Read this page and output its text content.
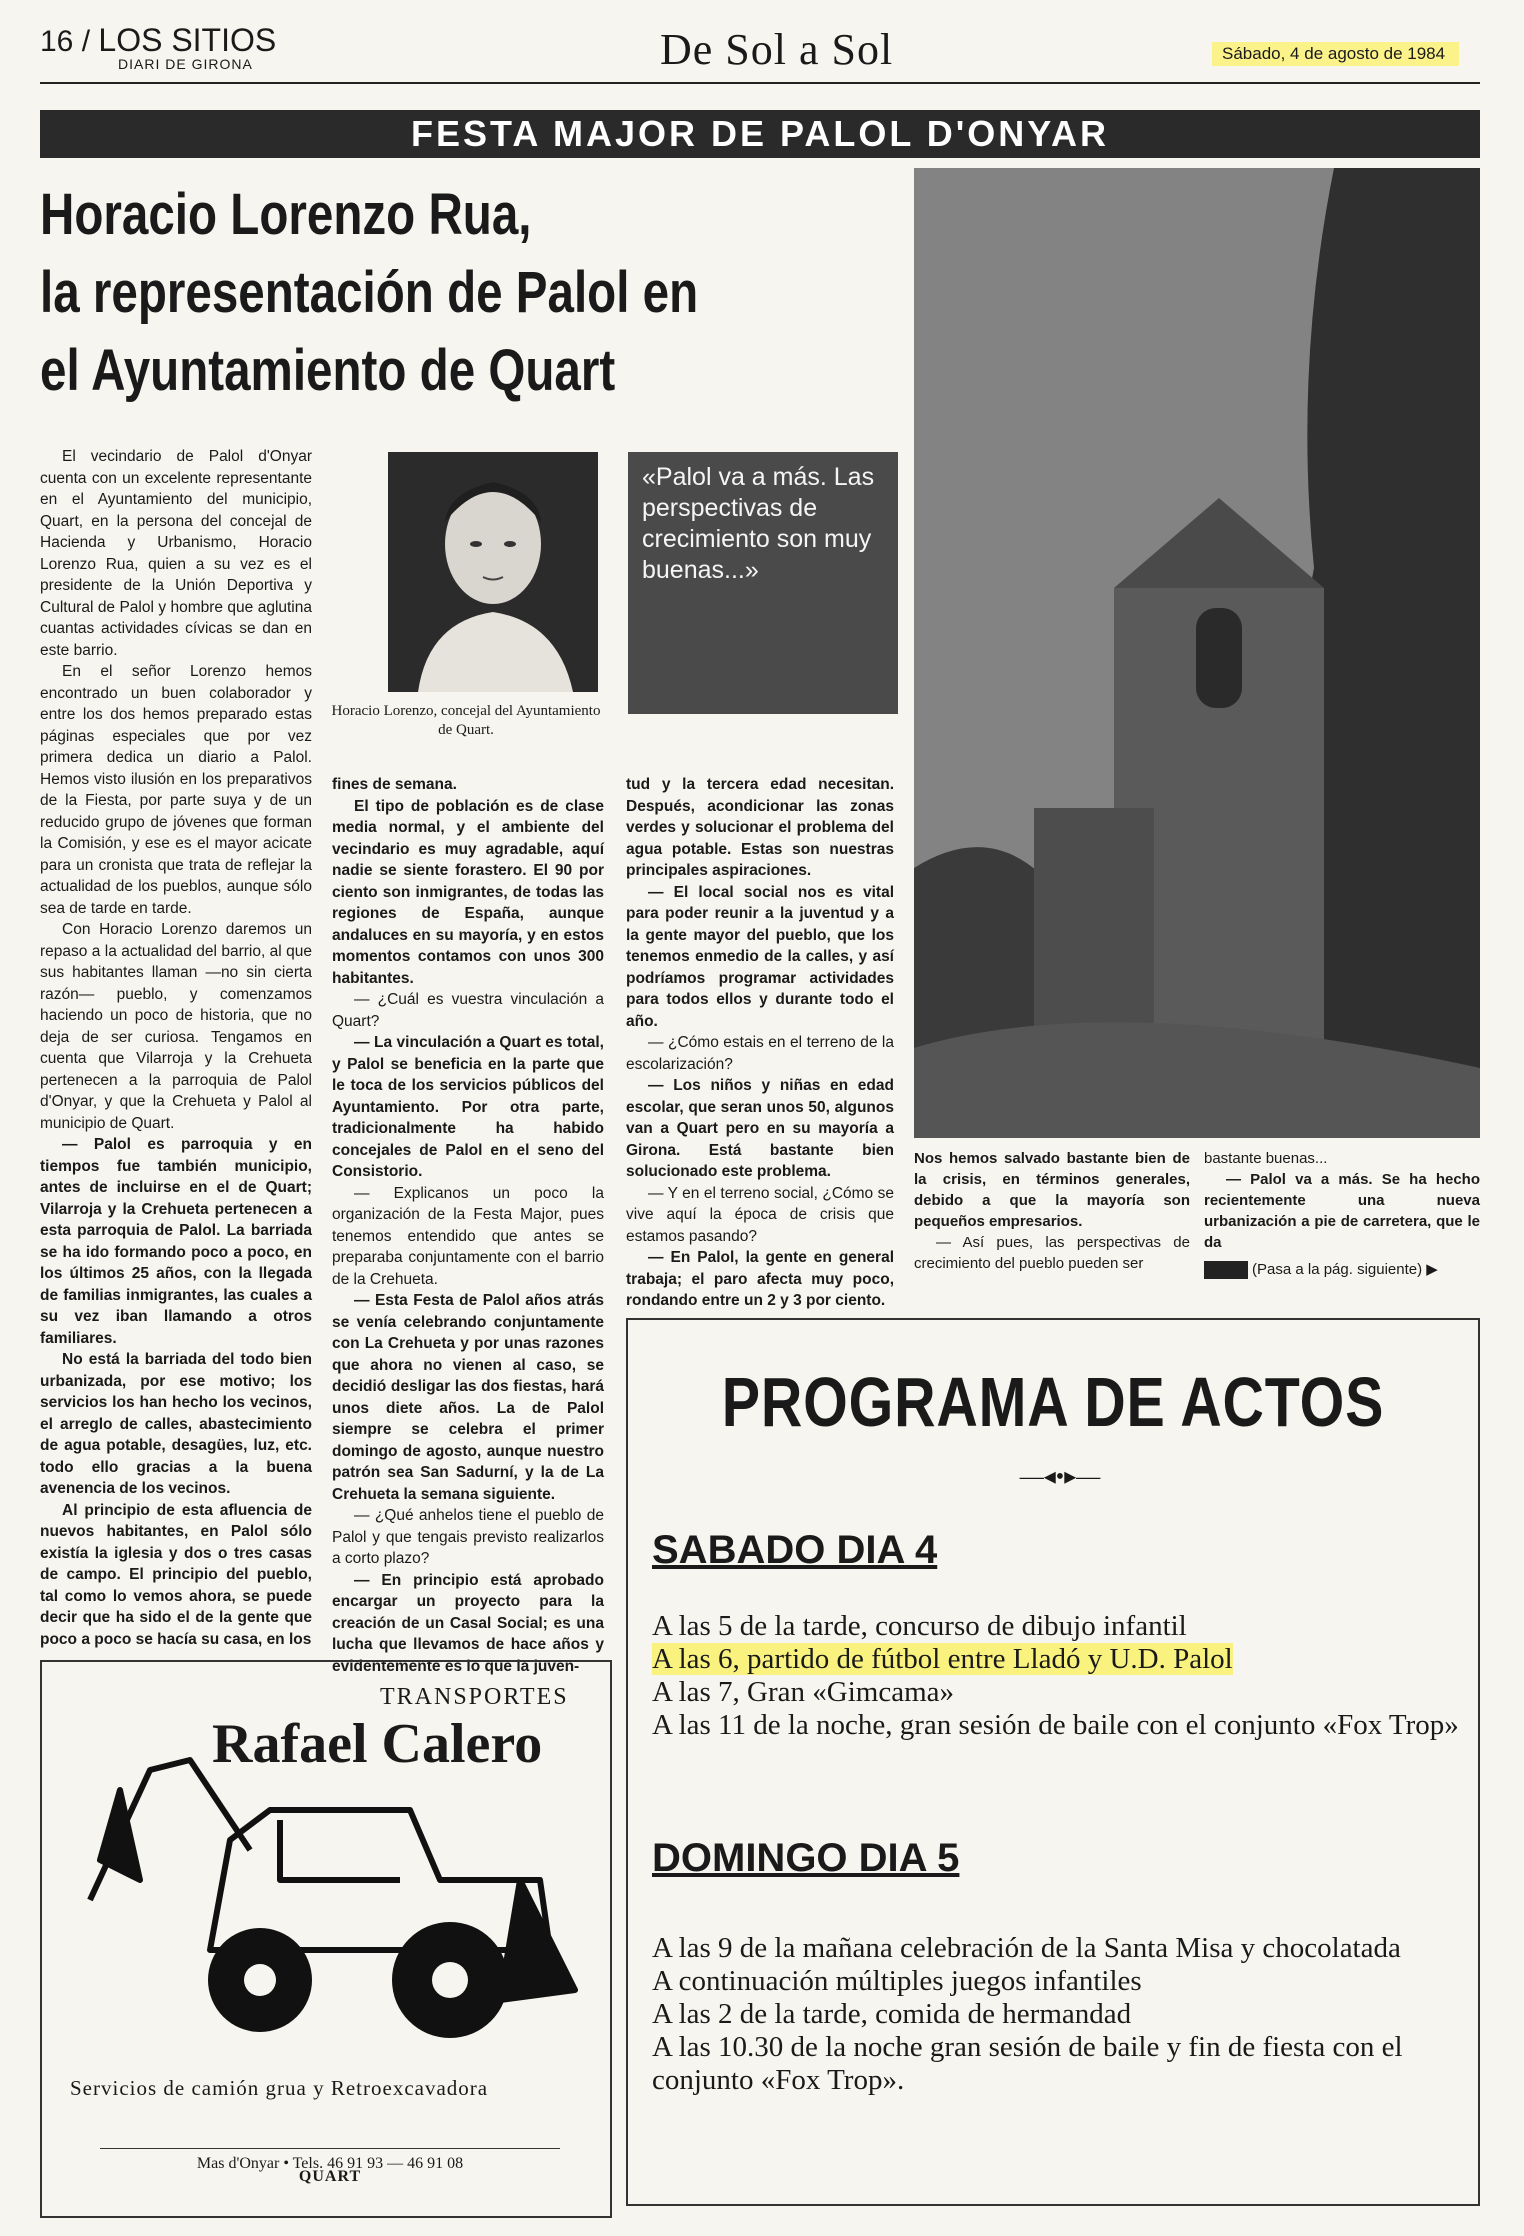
16 / LOS SITIOS
DIARI DE GIRONA	De Sol a Sol	Sábado, 4 de agosto de 1984
FESTA MAJOR DE PALOL D'ONYAR
Horacio Lorenzo Rua,
la representación de Palol en
el Ayuntamiento de Quart

El vecindario de Palol d'Onyar cuenta con un excelente representante en el Ayuntamiento del municipio, Quart, en la persona del concejal de Hacienda y Urbanismo, Horacio Lorenzo Rua, quien a su vez es el presidente de la Unión Deportiva y Cultural de Palol y hombre que aglutina cuantas actividades cívicas se dan en este barrio.

En el señor Lorenzo hemos encontrado un buen colaborador y entre los dos hemos preparado estas páginas especiales que por vez primera dedica un diario a Palol. Hemos visto ilusión en los preparativos de la Fiesta, por parte suya y de un reducido grupo de jóvenes que forman la Comisión, y ese es el mayor acicate para un cronista que trata de reflejar la actualidad de los pueblos, aunque sólo sea de tarde en tarde.

Con Horacio Lorenzo daremos un repaso a la actualidad del barrio, al que sus habitantes llaman —no sin cierta razón— pueblo, y comenzamos haciendo un poco de historia, que no deja de ser curiosa. Tengamos en cuenta que Vilarroja y la Crehueta pertenecen a la parroquia de Palol d'Onyar, y que la Crehueta y Palol al municipio de Quart.

— Palol es parroquia y en tiempos fue también municipio, antes de incluirse en el de Quart; Vilarroja y la Crehueta pertenecen a esta parroquia de Palol. La barriada se ha ido formando poco a poco, en los últimos 25 años, con la llegada de familias inmigrantes, las cuales a su vez iban llamando a otros familiares.

No está la barriada del todo bien urbanizada, por ese motivo; los servicios los han hecho los vecinos, el arreglo de calles, abastecimiento de agua potable, desagües, luz, etc. todo ello gracias a la buena avenencia de los vecinos.

Al principio de esta afluencia de nuevos habitantes, en Palol sólo existía la iglesia y dos o tres casas de campo. El principio del pueblo, tal como lo vemos ahora, se puede decir que ha sido el de la gente que poco a poco se hacía su casa, en los

Horacio Lorenzo, concejal del Ayuntamiento de Quart.
«Palol va a más. Las perspectivas de crecimiento son muy buenas...»

fines de semana.

El tipo de población es de clase media normal, y el ambiente del vecindario es muy agradable, aquí nadie se siente forastero. El 90 por ciento son inmigrantes, de todas las regiones de España, aunque andaluces en su mayoría, y en estos momentos contamos con unos 300 habitantes.

— ¿Cuál es vuestra vinculación a Quart?

— La vinculación a Quart es total, y Palol se beneficia en la parte que le toca de los servicios públicos del Ayuntamiento. Por otra parte, tradicionalmente ha habido concejales de Palol en el seno del Consistorio.

— Explicanos un poco la organización de la Festa Major, pues tenemos entendido que antes se preparaba conjuntamente con el barrio de la Crehueta.

— Esta Festa de Palol años atrás se venía celebrando conjuntamente con La Crehueta y por unas razones que ahora no vienen al caso, se decidió desligar las dos fiestas, hará unos diete años. La de Palol siempre se celebra el primer domingo de agosto, aunque nuestro patrón sea San Sadurní, y la de La Crehueta la semana siguiente.

— ¿Qué anhelos tiene el pueblo de Palol y que tengais previsto realizarlos a corto plazo?

— En principio está aprobado encargar un proyecto para la creación de un Casal Social; es una lucha que llevamos de hace años y evidentemente es lo que la juven-

tud y la tercera edad necesitan. Después, acondicionar las zonas verdes y solucionar el problema del agua potable. Estas son nuestras principales aspiraciones.

— El local social nos es vital para poder reunir a la juventud y a la gente mayor del pueblo, que los tenemos enmedio de la calles, y así podríamos programar actividades para todos ellos y durante todo el año.

— ¿Cómo estais en el terreno de la escolarización?

— Los niños y niñas en edad escolar, que seran unos 50, algunos van a Quart pero en su mayoría a Girona. Está bastante bien solucionado este problema.

— Y en el terreno social, ¿Cómo se vive aquí la época de crisis que estamos pasando?

— En Palol, la gente en general trabaja; el paro afecta muy poco, rondando entre un 2 y 3 por ciento.

Nos hemos salvado bastante bien de la crisis, en términos generales, debido a que la mayoría son pequeños empresarios.

— Así pues, las perspectivas de crecimiento del pueblo pueden ser

bastante buenas...

— Palol va a más. Se ha hecho recientemente una nueva urbanización a pie de carretera, que le da

(Pasa a la pág. siguiente) ▶

PROGRAMA DE ACTOS
—◂•▸—
SABADO DIA 4
A las 5 de la tarde, concurso de dibujo infantil
A las 6, partido de fútbol entre Lladó y U.D. Palol
A las 7, Gran «Gimcama»
A las 11 de la noche, gran sesión de baile con el conjunto «Fox Trop»
DOMINGO DIA 5
A las 9 de la mañana celebración de la Santa Misa y chocolatada
A continuación múltiples juegos infantiles
A las 2 de la tarde, comida de hermandad
A las 10.30 de la noche gran sesión de baile y fin de fiesta con el conjunto «Fox Trop».
TRANSPORTES
Rafael Calero
Servicios de camión grua y Retroexcavadora
Mas d'Onyar • Tels. 46 91 93 — 46 91 08
QUART
